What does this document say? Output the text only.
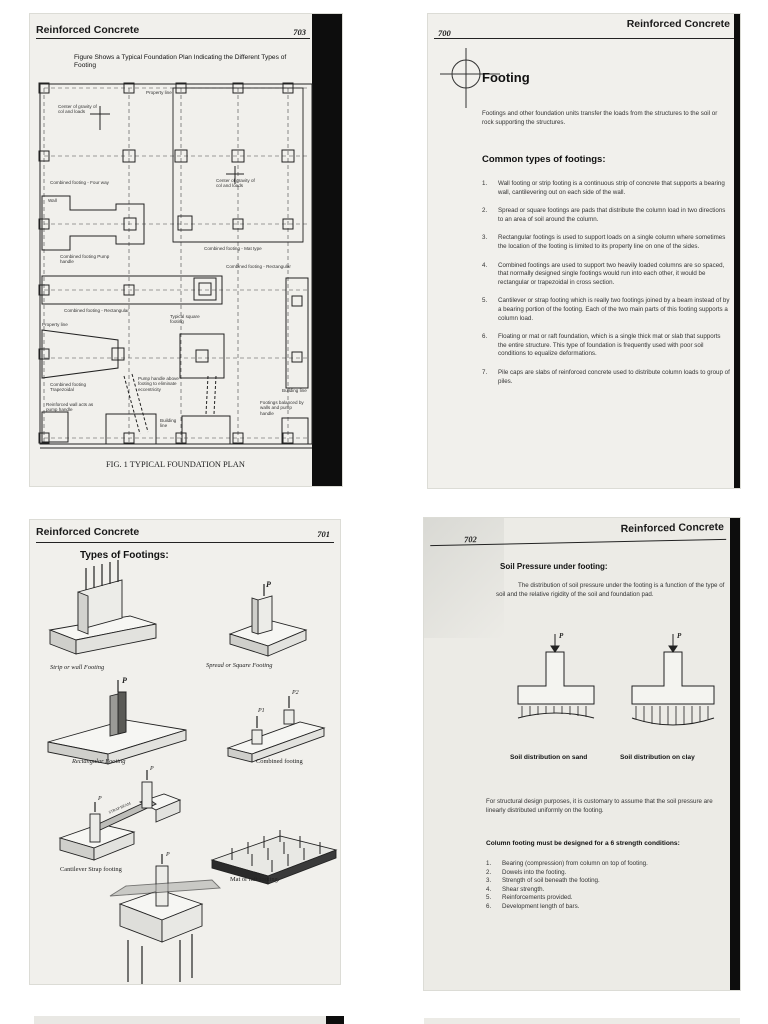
Reinforced Concrete	703
Figure Shows a Typical Foundation Plan Indicating the Different Types of Footing
Property line
Center of gravity of col and loads
Center of gravity of col and loads
Combined footing - Four way
Wall
Combined footing Pump handle
Combined footing - Mat type
Combined footing - Rectangular
Combined footing - Rectangular
Property line
Typical square footing
Combined footing Trapezoidal
Pump handle above footing to eliminate eccentricity	Building line
Reinforced wall acts as pump handle
Footings balanced by walls and pump handle
Building line
FIG. 1 TYPICAL FOUNDATION PLAN
Reinforced Concrete
700
Footing
Footings and other foundation units transfer the loads from the structures to the soil or rock supporting the structures.
Common types of footings:
1. Wall footing or strip footing is a continuous strip of concrete that supports a bearing wall, cantilevering out on each side of the wall.
2. Spread or square footings are pads that distribute the column load in two directions to an area of soil around the column.
3. Rectangular footings is used to support loads on a single column where sometimes the location of the footing is limited to its property line on one of the sides.
4. Combined footings are used to support two heavily loaded columns are so spaced, that normally designed single footings would run into each other, it would be rectangular or trapezoidal in cross section.
5. Cantilever or strap footing which is really two footings joined by a beam instead of by a bearing portion of the footing. Each of the two main parts of this footing supports a column load.
6. Floating or mat or raft foundation, which is a single thick mat or slab that supports the entire structure. This type of foundation is frequently used with poor soil conditions to equalize deformations.
7. Pile caps are slabs of reinforced concrete used to distribute column loads to group of piles.
Reinforced Concrete	701
Types of Footings:
P
P
P1
P2
P
P
P
STRAP BEAM
Strip or wall Footing	Spread or Square Footing
Rectangular Footing	Combined footing
Cantilever Strap footing
Mat or raft footing.
Reinforced Concrete
702
Soil Pressure under footing:
The distribution of soil pressure under the footing is a function of the type of soil and the relative rigidity of the soil and foundation pad.
P	P
Soil distribution on sand	Soil distribution on clay
For structural design purposes, it is customary to assume that the soil pressure are linearly distributed uniformly on the footing.
Column footing must be designed for a 6 strength conditions:
1. Bearing (compression) from column on top of footing.
2. Dowels into the footing.
3. Strength of soil beneath the footing.
4. Shear strength.
5. Reinforcements provided.
6. Development length of bars.
